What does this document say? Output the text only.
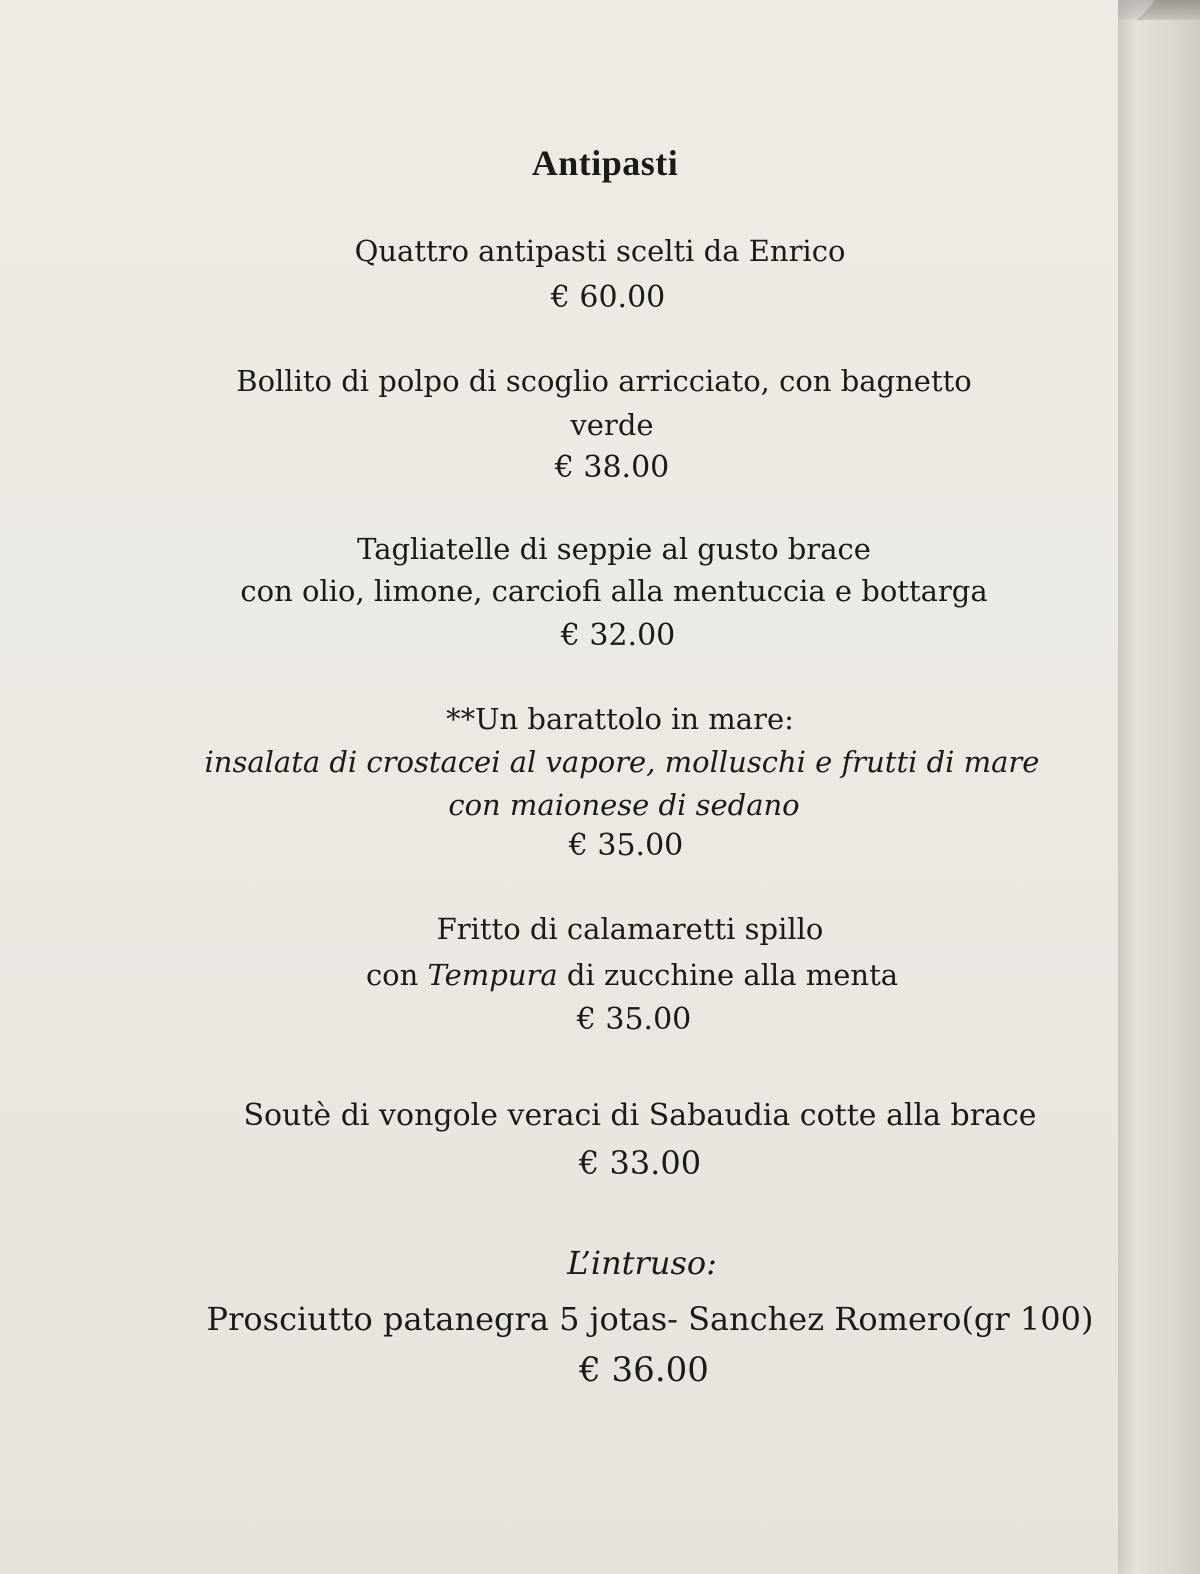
Antipasti
Quattro antipasti scelti da Enrico
€ 60.00
Bollito di polpo di scoglio arricciato, con bagnetto
verde
€ 38.00
Tagliatelle di seppie al gusto brace
con olio, limone, carciofi alla mentuccia e bottarga
€ 32.00
**Un barattolo in mare:
insalata di crostacei al vapore, molluschi e frutti di mare
con maionese di sedano
€ 35.00
Fritto di calamaretti spillo
con Tempura di zucchine alla menta
€ 35.00
Soutè di vongole veraci di Sabaudia cotte alla brace
€ 33.00
L’intruso:
Prosciutto patanegra 5 jotas- Sanchez Romero(gr 100)
€ 36.00
